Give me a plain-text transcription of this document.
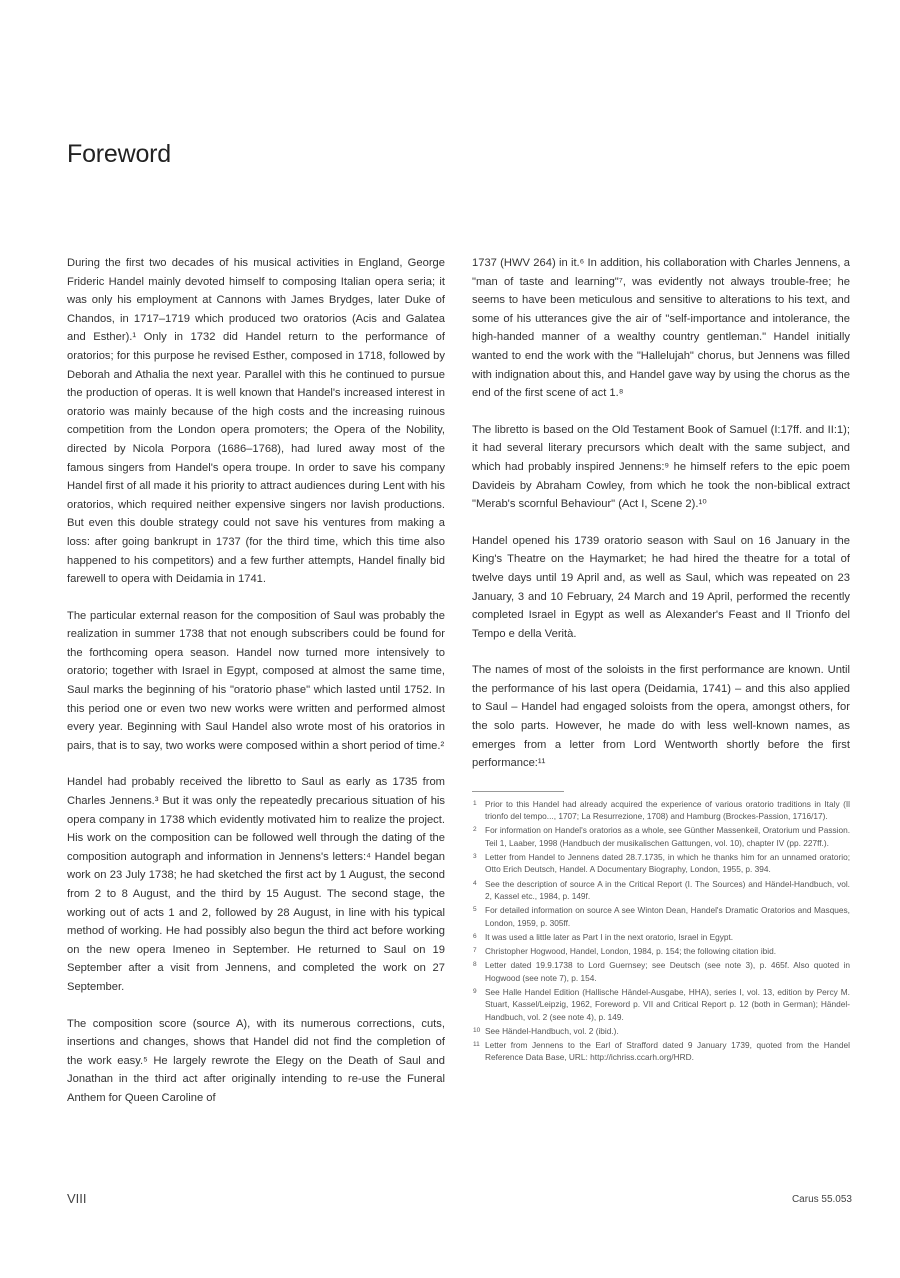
Foreword

During the first two decades of his musical activities in England, George Frideric Handel mainly devoted himself to composing Italian opera seria; it was only his employment at Cannons with James Brydges, later Duke of Chandos, in 1717–1719 which produced two oratorios (Acis and Galatea and Esther).¹ Only in 1732 did Handel return to the performance of oratorios; for this purpose he revised Esther, composed in 1718, followed by Deborah and Athalia the next year. Parallel with this he continued to pursue the production of operas. It is well known that Handel's increased interest in oratorio was mainly because of the high costs and the increasing ruinous competition from the London opera promoters; the Opera of the Nobility, directed by Nicola Porpora (1686–1768), had lured away most of the famous singers from Handel's opera troupe. In order to save his company Handel first of all made it his priority to attract audiences during Lent with his oratorios, which required neither expensive singers nor lavish productions. But even this double strategy could not save his ventures from making a loss: after going bankrupt in 1737 (for the third time, which this time also happened to his competitors) and a few further attempts, Handel finally bid farewell to opera with Deidamia in 1741.

The particular external reason for the composition of Saul was probably the realization in summer 1738 that not enough subscribers could be found for the forthcoming opera season. Handel now turned more intensively to oratorio; together with Israel in Egypt, composed at almost the same time, Saul marks the beginning of his "oratorio phase" which lasted until 1752. In this period one or even two new works were written and performed almost every year. Beginning with Saul Handel also wrote most of his oratorios in pairs, that is to say, two works were composed within a short period of time.²

Handel had probably received the libretto to Saul as early as 1735 from Charles Jennens.³ But it was only the repeatedly precarious situation of his opera company in 1738 which evidently motivated him to realize the project. His work on the composition can be followed well through the dating of the composition autograph and information in Jennens's letters:⁴ Handel began work on 23 July 1738; he had sketched the first act by 1 August, the second from 2 to 8 August, and the third by 15 August. The second stage, the working out of acts 1 and 2, followed by 28 August, in line with his typical method of working. He had possibly also begun the third act before working on the new opera Imeneo in September. He returned to Saul on 19 September after a visit from Jennens, and completed the work on 27 September.

The composition score (source A), with its numerous corrections, cuts, insertions and changes, shows that Handel did not find the completion of the work easy.⁵ He largely rewrote the Elegy on the Death of Saul and Jonathan in the third act after originally intending to re-use the Funeral Anthem for Queen Caroline of

1737 (HWV 264) in it.⁶ In addition, his collaboration with Charles Jennens, a "man of taste and learning"⁷, was evidently not always trouble-free; he seems to have been meticulous and sensitive to alterations to his text, and some of his utterances give the air of "self-importance and intolerance, the high-handed manner of a wealthy country gentleman." Handel initially wanted to end the work with the "Hallelujah" chorus, but Jennens was filled with indignation about this, and Handel gave way by using the chorus as the end of the first scene of act 1.⁸

The libretto is based on the Old Testament Book of Samuel (I:17ff. and II:1); it had several literary precursors which dealt with the same subject, and which had probably inspired Jennens:⁹ he himself refers to the epic poem Davideis by Abraham Cowley, from which he took the non-biblical extract "Merab's scornful Behaviour" (Act I, Scene 2).¹⁰

Handel opened his 1739 oratorio season with Saul on 16 January in the King's Theatre on the Haymarket; he had hired the theatre for a total of twelve days until 19 April and, as well as Saul, which was repeated on 23 January, 3 and 10 February, 24 March and 19 April, performed the recently completed Israel in Egypt as well as Alexander's Feast and Il Trionfo del Tempo e della Verità.

The names of most of the soloists in the first performance are known. Until the performance of his last opera (Deidamia, 1741) – and this also applied to Saul – Handel had engaged soloists from the opera, amongst others, for the solo parts. However, he made do with less well-known names, as emerges from a letter from Lord Wentworth shortly before the first performance:¹¹

1 Prior to this Handel had already acquired the experience of various oratorio traditions in Italy (Il trionfo del tempo..., 1707; La Resurrezione, 1708) and Hamburg (Brockes-Passion, 1716/17).
2 For information on Handel's oratorios as a whole, see Günther Massenkeil, Oratorium und Passion. Teil 1, Laaber, 1998 (Handbuch der musikalischen Gattungen, vol. 10), chapter IV (pp. 227ff.).
3 Letter from Handel to Jennens dated 28.7.1735, in which he thanks him for an unnamed oratorio; Otto Erich Deutsch, Handel. A Documentary Biography, London, 1955, p. 394.
4 See the description of source A in the Critical Report (I. The Sources) and Händel-Handbuch, vol. 2, Kassel etc., 1984, p. 149f.
5 For detailed information on source A see Winton Dean, Handel's Dramatic Oratorios and Masques, London, 1959, p. 305ff.
6 It was used a little later as Part I in the next oratorio, Israel in Egypt.
7 Christopher Hogwood, Handel, London, 1984, p. 154; the following citation ibid.
8 Letter dated 19.9.1738 to Lord Guernsey; see Deutsch (see note 3), p. 465f. Also quoted in Hogwood (see note 7), p. 154.
9 See Halle Handel Edition (Hallische Händel-Ausgabe, HHA), series I, vol. 13, edition by Percy M. Stuart, Kassel/Leipzig, 1962, Foreword p. VII and Critical Report p. 12 (both in German); Händel-Handbuch, vol. 2 (see note 4), p. 149.
10 See Händel-Handbuch, vol. 2 (ibid.).
11 Letter from Jennens to the Earl of Strafford dated 9 January 1739, quoted from the Handel Reference Data Base, URL: http://ichriss.ccarh.org/HRD.
VIII	Carus 55.053
